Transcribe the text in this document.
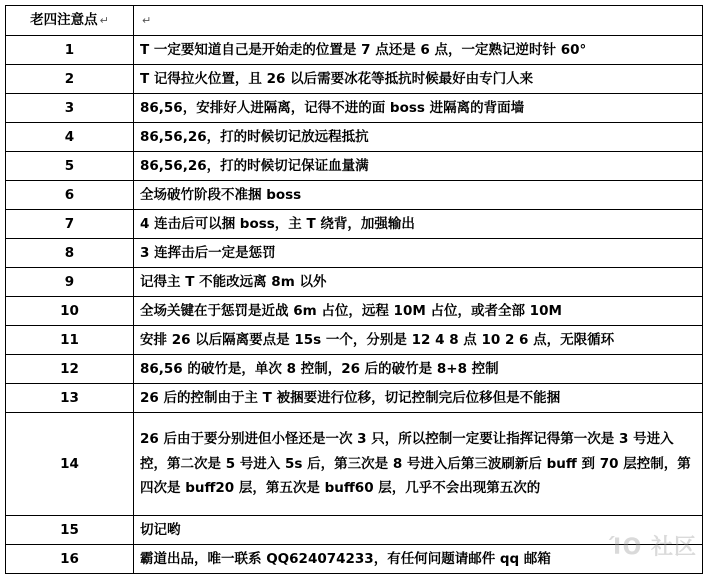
老四注意点 ↵	↵
1	T 一定要知道自己是开始走的位置是 7 点还是 6 点，一定熟记逆时针 60°
2	T 记得拉火位置，且 26 以后需要冰花等抵抗时候最好由专门人来
3	86,56，安排好人进隔离，记得不进的面 boss 进隔离的背面墙
4	86,56,26，打的时候切记放远程抵抗
5	86,56,26，打的时候切记保证血量满
6	全场破竹阶段不准捆 boss
7	4 连击后可以捆 boss，主 T 绕背，加强输出
8	3 连挥击后一定是惩罚
9	记得主 T 不能改远离 8m 以外
10	全场关键在于惩罚是近战 6m 占位，远程 10M 占位，或者全部 10M
11	安排 26 以后隔离要点是 15s 一个，分别是 12 4 8 点 10 2 6 点，无限循环
12	86,56 的破竹是，单次 8 控制，26 后的破竹是 8+8 控制
13	26 后的控制由于主 T 被捆要进行位移，切记控制完后位移但是不能捆
14	26 后由于要分别进但小怪还是一次 3 只，所以控制一定要让指挥记得第一次是 3 号进入控，第二次是 5 号进入 5s 后，第三次是 8 号进入后第三波刷新后 buff 到 70 层控制，第四次是 buff20 层，第五次是 buff60 层，几乎不会出现第五次的
15	切记哟
16	霸道出品，唯一联系 QQ624074233，有任何问题请邮件 qq 邮箱	ΊΟ 社区
